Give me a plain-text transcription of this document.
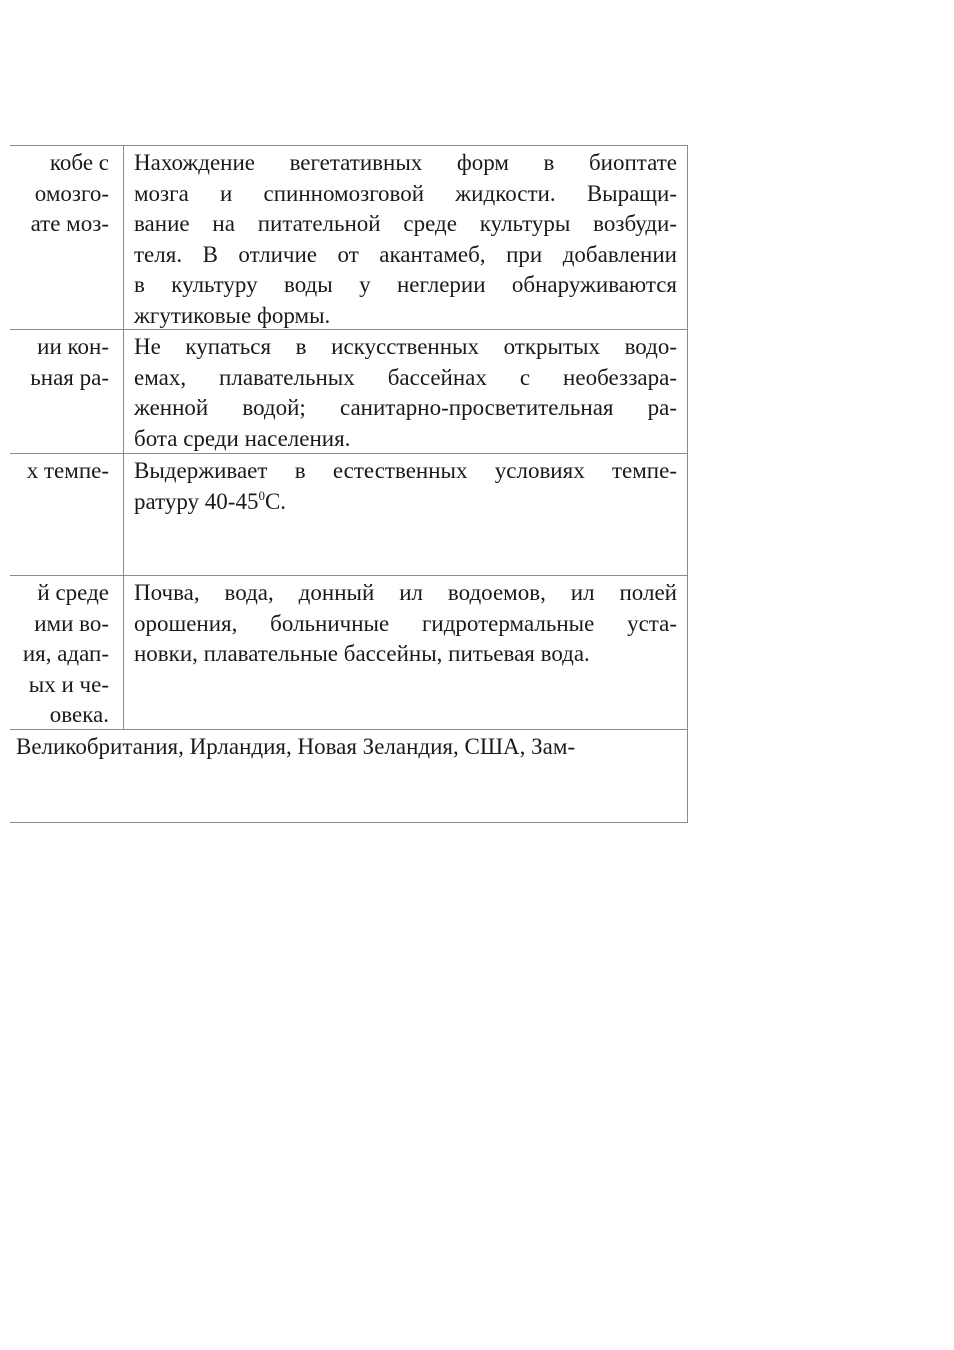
кобе с
омозго-
ате моз-
Нахождение вегетативных форм в биоптате
мозга и спинномозговой жидкости. Выращи-
вание на питательной среде культуры возбуди-
теля. В отличие от акантамеб, при добавлении
в культуру воды у неглерии обнаруживаются
жгутиковые формы.
ии кон-
ьная ра-
Не купаться в искусственных открытых водо-
емах, плавательных бассейнах с необеззара-
женной водой; санитарно-просветительная ра-
бота среди населения.
х темпе- Выдерживает в естественных условиях темпе-
ратуру $40-45^0С$.
й среде
ими во-
ия, адап-
ых и че-
овека.
Почва, вода, донный ил водоемов, ил полей
орошения, больничные гидротермальные уста-
новки, плавательные бассейны, питьевая вода.
Великобритания, Ирландия, Новая Зеландия, США, Зам-
